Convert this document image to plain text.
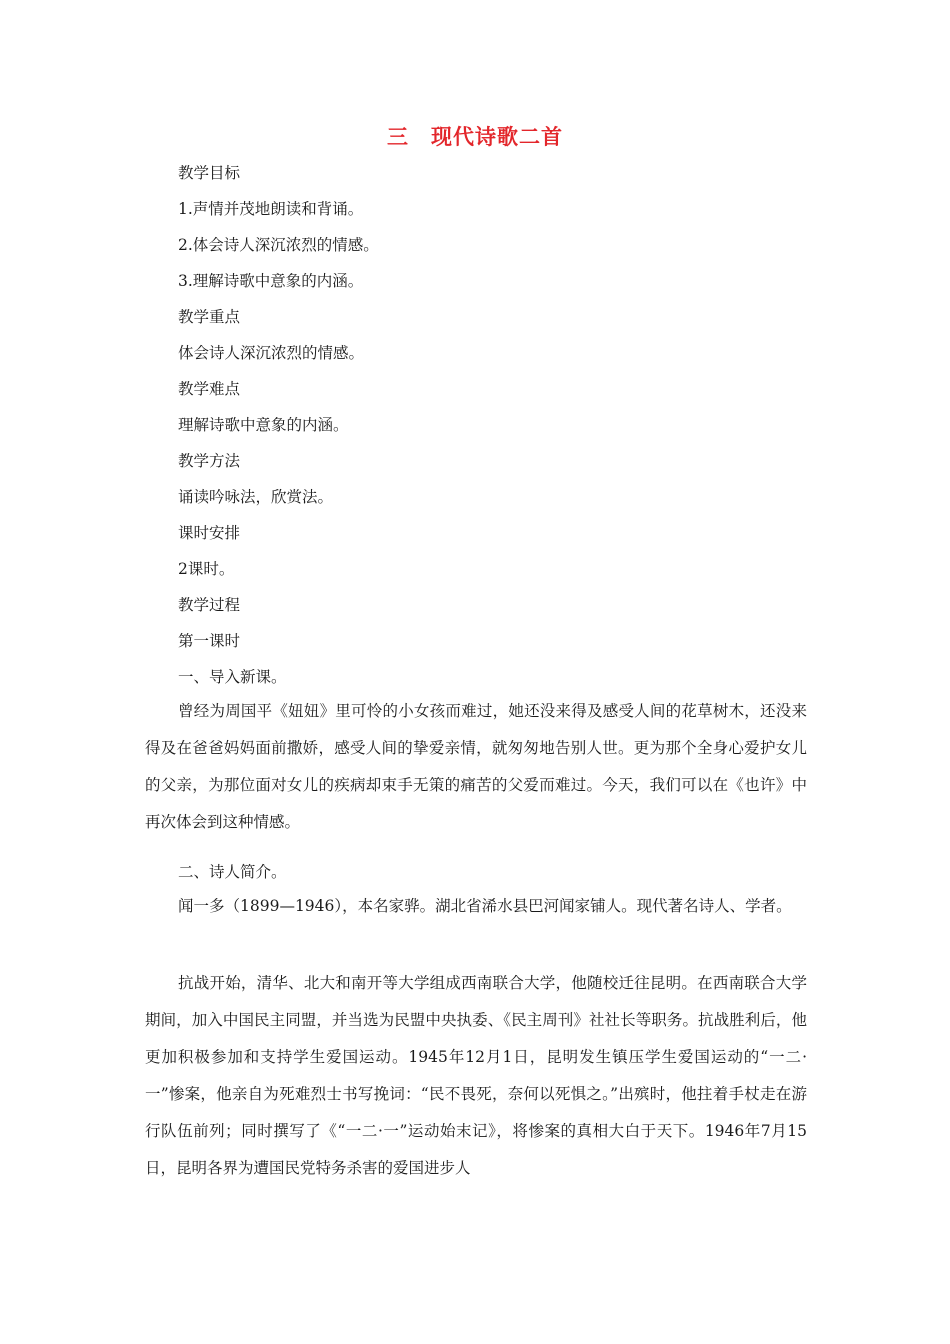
三 现代诗歌二首
教学目标
1.声情并茂地朗读和背诵。
2.体会诗人深沉浓烈的情感。
3.理解诗歌中意象的内涵。
教学重点
体会诗人深沉浓烈的情感。
教学难点
理解诗歌中意象的内涵。
教学方法
诵读吟咏法，欣赏法。
课时安排
2课时。
教学过程
第一课时
一、导入新课。

曾经为周国平《妞妞》里可怜的小女孩而难过，她还没来得及感受人间的花草树木，还没来得及在爸爸妈妈面前撒娇，感受人间的挚爱亲情，就匆匆地告别人世。更为那个全身心爱护女儿的父亲，为那位面对女儿的疾病却束手无策的痛苦的父爱而难过。今天，我们可以在《也许》中再次体会到这种情感。

二、诗人简介。

闻一多（1899—1946），本名家骅。湖北省浠水县巴河闻家铺人。现代著名诗人、学者。

抗战开始，清华、北大和南开等大学组成西南联合大学，他随校迁往昆明。在西南联合大学期间，加入中国民主同盟，并当选为民盟中央执委、《民主周刊》社社长等职务。抗战胜利后，他更加积极参加和支持学生爱国运动。1945年12月1日，昆明发生镇压学生爱国运动的“一二·一”惨案，他亲自为死难烈士书写挽词：“民不畏死，奈何以死惧之。”出殡时，他拄着手杖走在游行队伍前列；同时撰写了《“一二·一”运动始末记》，将惨案的真相大白于天下。1946年7月15日，昆明各界为遭国民党特务杀害的爱国进步人
